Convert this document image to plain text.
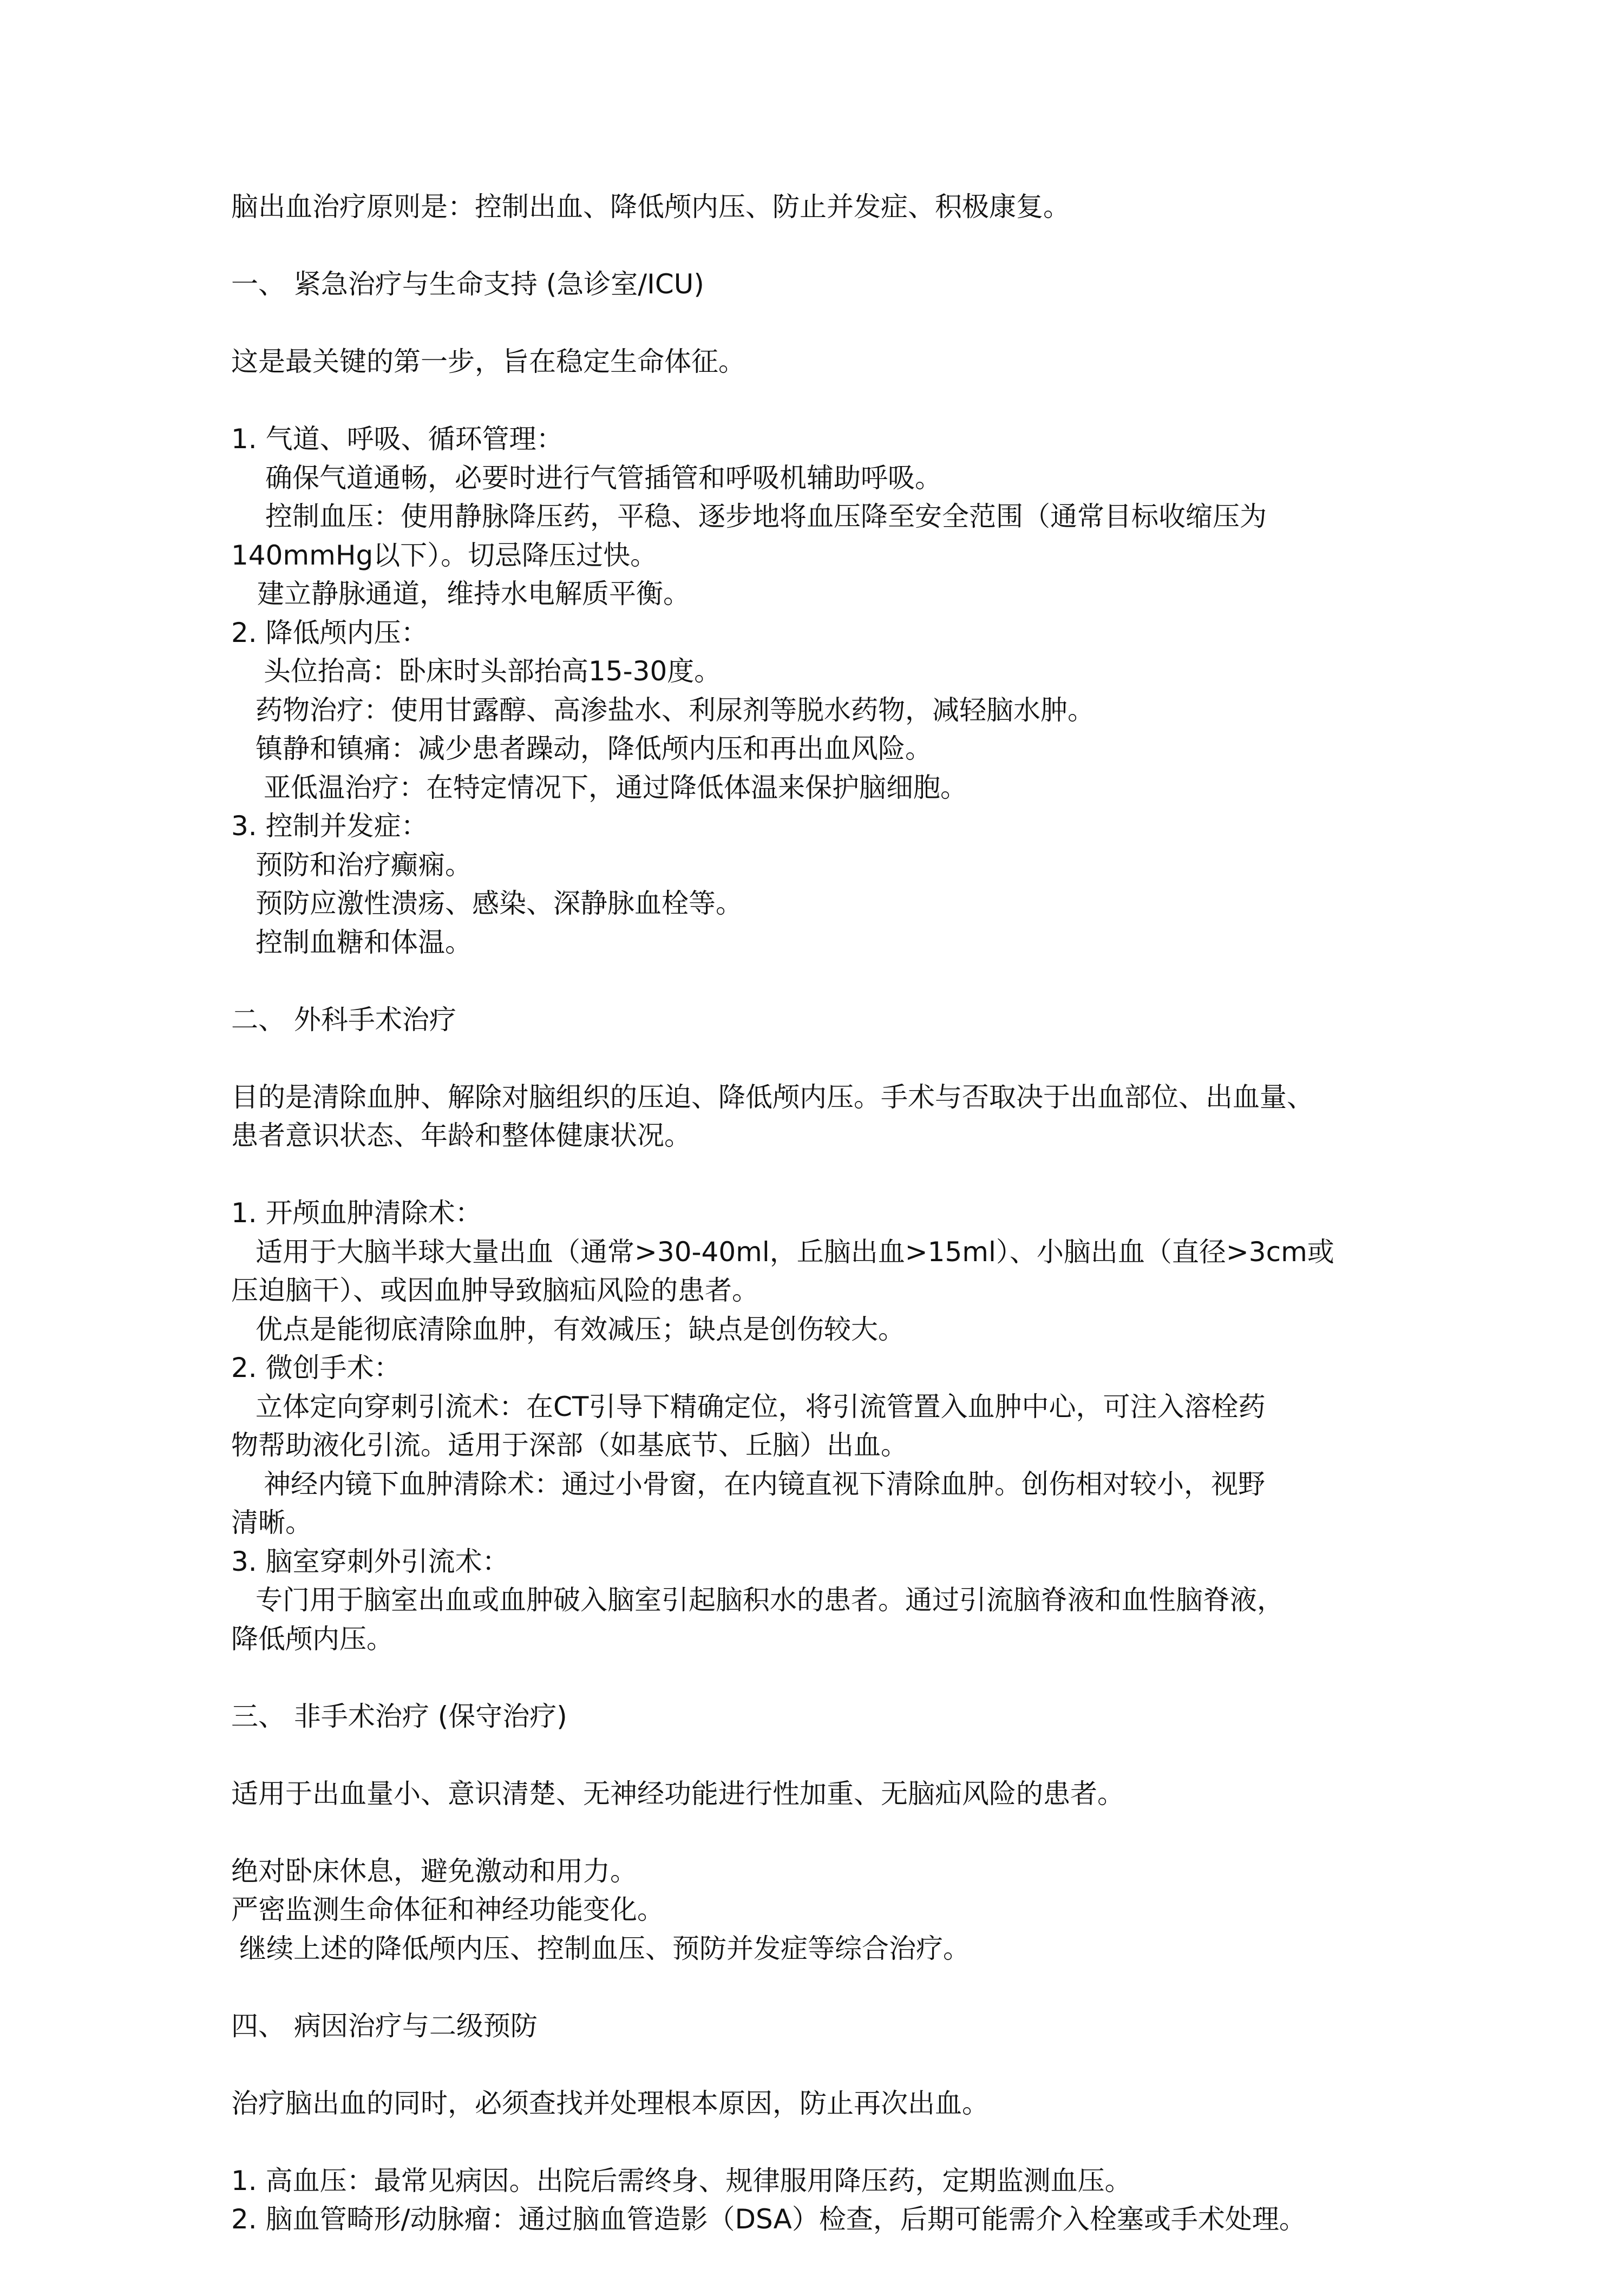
脑出血治疗原则是：控制出血、降低颅内压、防止并发症、积极康复。
一、 紧急治疗与生命支持 (急诊室/ICU)
这是最关键的第一步，旨在稳定生命体征。
1. 气道、呼吸、循环管理：
确保气道通畅，必要时进行气管插管和呼吸机辅助呼吸。
控制血压：使用静脉降压药，平稳、逐步地将血压降至安全范围（通常目标收缩压为
140mmHg以下）。切忌降压过快。
建立静脉通道，维持水电解质平衡。
2. 降低颅内压：
头位抬高：卧床时头部抬高15-30度。
药物治疗：使用甘露醇、高渗盐水、利尿剂等脱水药物，减轻脑水肿。
镇静和镇痛：减少患者躁动，降低颅内压和再出血风险。
亚低温治疗：在特定情况下，通过降低体温来保护脑细胞。
3. 控制并发症：
预防和治疗癫痫。
预防应激性溃疡、感染、深静脉血栓等。
控制血糖和体温。
二、 外科手术治疗
目的是清除血肿、解除对脑组织的压迫、降低颅内压。手术与否取决于出血部位、出血量、
患者意识状态、年龄和整体健康状况。
1. 开颅血肿清除术：
适用于大脑半球大量出血（通常>30-40ml，丘脑出血>15ml）、小脑出血（直径>3cm或
压迫脑干）、或因血肿导致脑疝风险的患者。
优点是能彻底清除血肿，有效减压；缺点是创伤较大。
2. 微创手术：
立体定向穿刺引流术：在CT引导下精确定位，将引流管置入血肿中心，可注入溶栓药
物帮助液化引流。适用于深部（如基底节、丘脑）出血。
神经内镜下血肿清除术：通过小骨窗，在内镜直视下清除血肿。创伤相对较小，视野
清晰。
3. 脑室穿刺外引流术：
专门用于脑室出血或血肿破入脑室引起脑积水的患者。通过引流脑脊液和血性脑脊液，
降低颅内压。
三、 非手术治疗 (保守治疗)
适用于出血量小、意识清楚、无神经功能进行性加重、无脑疝风险的患者。
绝对卧床休息，避免激动和用力。
严密监测生命体征和神经功能变化。
继续上述的降低颅内压、控制血压、预防并发症等综合治疗。
四、 病因治疗与二级预防
治疗脑出血的同时，必须查找并处理根本原因，防止再次出血。
1. 高血压：最常见病因。出院后需终身、规律服用降压药，定期监测血压。
2. 脑血管畸形/动脉瘤：通过脑血管造影（DSA）检查，后期可能需介入栓塞或手术处理。
